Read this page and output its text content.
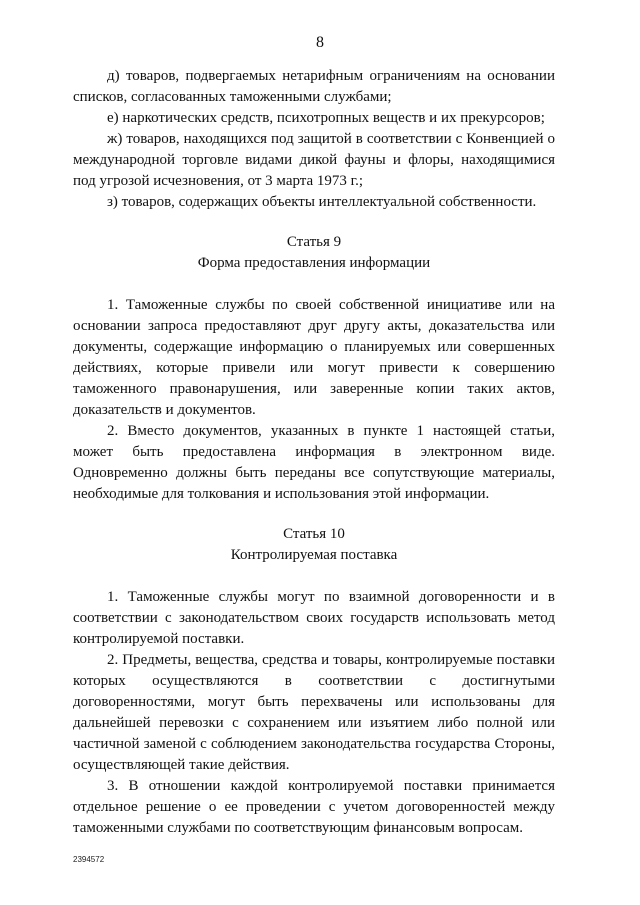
8

д) товаров, подвергаемых нетарифным ограничениям на основании списков, согласованных таможенными службами;

е) наркотических средств, психотропных веществ и их прекурсоров;

ж) товаров, находящихся под защитой в соответствии с Конвенцией о международной торговле видами дикой фауны и флоры, находящимися под угрозой исчезновения, от 3 марта 1973 г.;

з) товаров, содержащих объекты интеллектуальной собственности.

Статья 9

Форма предоставления информации

1. Таможенные службы по своей собственной инициативе или на основании запроса предоставляют друг другу акты, доказательства или документы, содержащие информацию о планируемых или совершенных действиях, которые привели или могут привести к совершению таможенного правонарушения, или заверенные копии таких актов, доказательств и документов.

2. Вместо документов, указанных в пункте 1 настоящей статьи, может быть предоставлена информация в электронном виде. Одновременно должны быть переданы все сопутствующие материалы, необходимые для толкования и использования этой информации.

Статья 10

Контролируемая поставка

1. Таможенные службы могут по взаимной договоренности и в соответствии с законодательством своих государств использовать метод контролируемой поставки.

2. Предметы, вещества, средства и товары, контролируемые поставки которых осуществляются в соответствии с достигнутыми договоренностями, могут быть перехвачены или использованы для дальнейшей перевозки с сохранением или изъятием либо полной или частичной заменой с соблюдением законодательства государства Стороны, осуществляющей такие действия.

3. В отношении каждой контролируемой поставки принимается отдельное решение о ее проведении с учетом договоренностей между таможенными службами по соответствующим финансовым вопросам.

2394572
